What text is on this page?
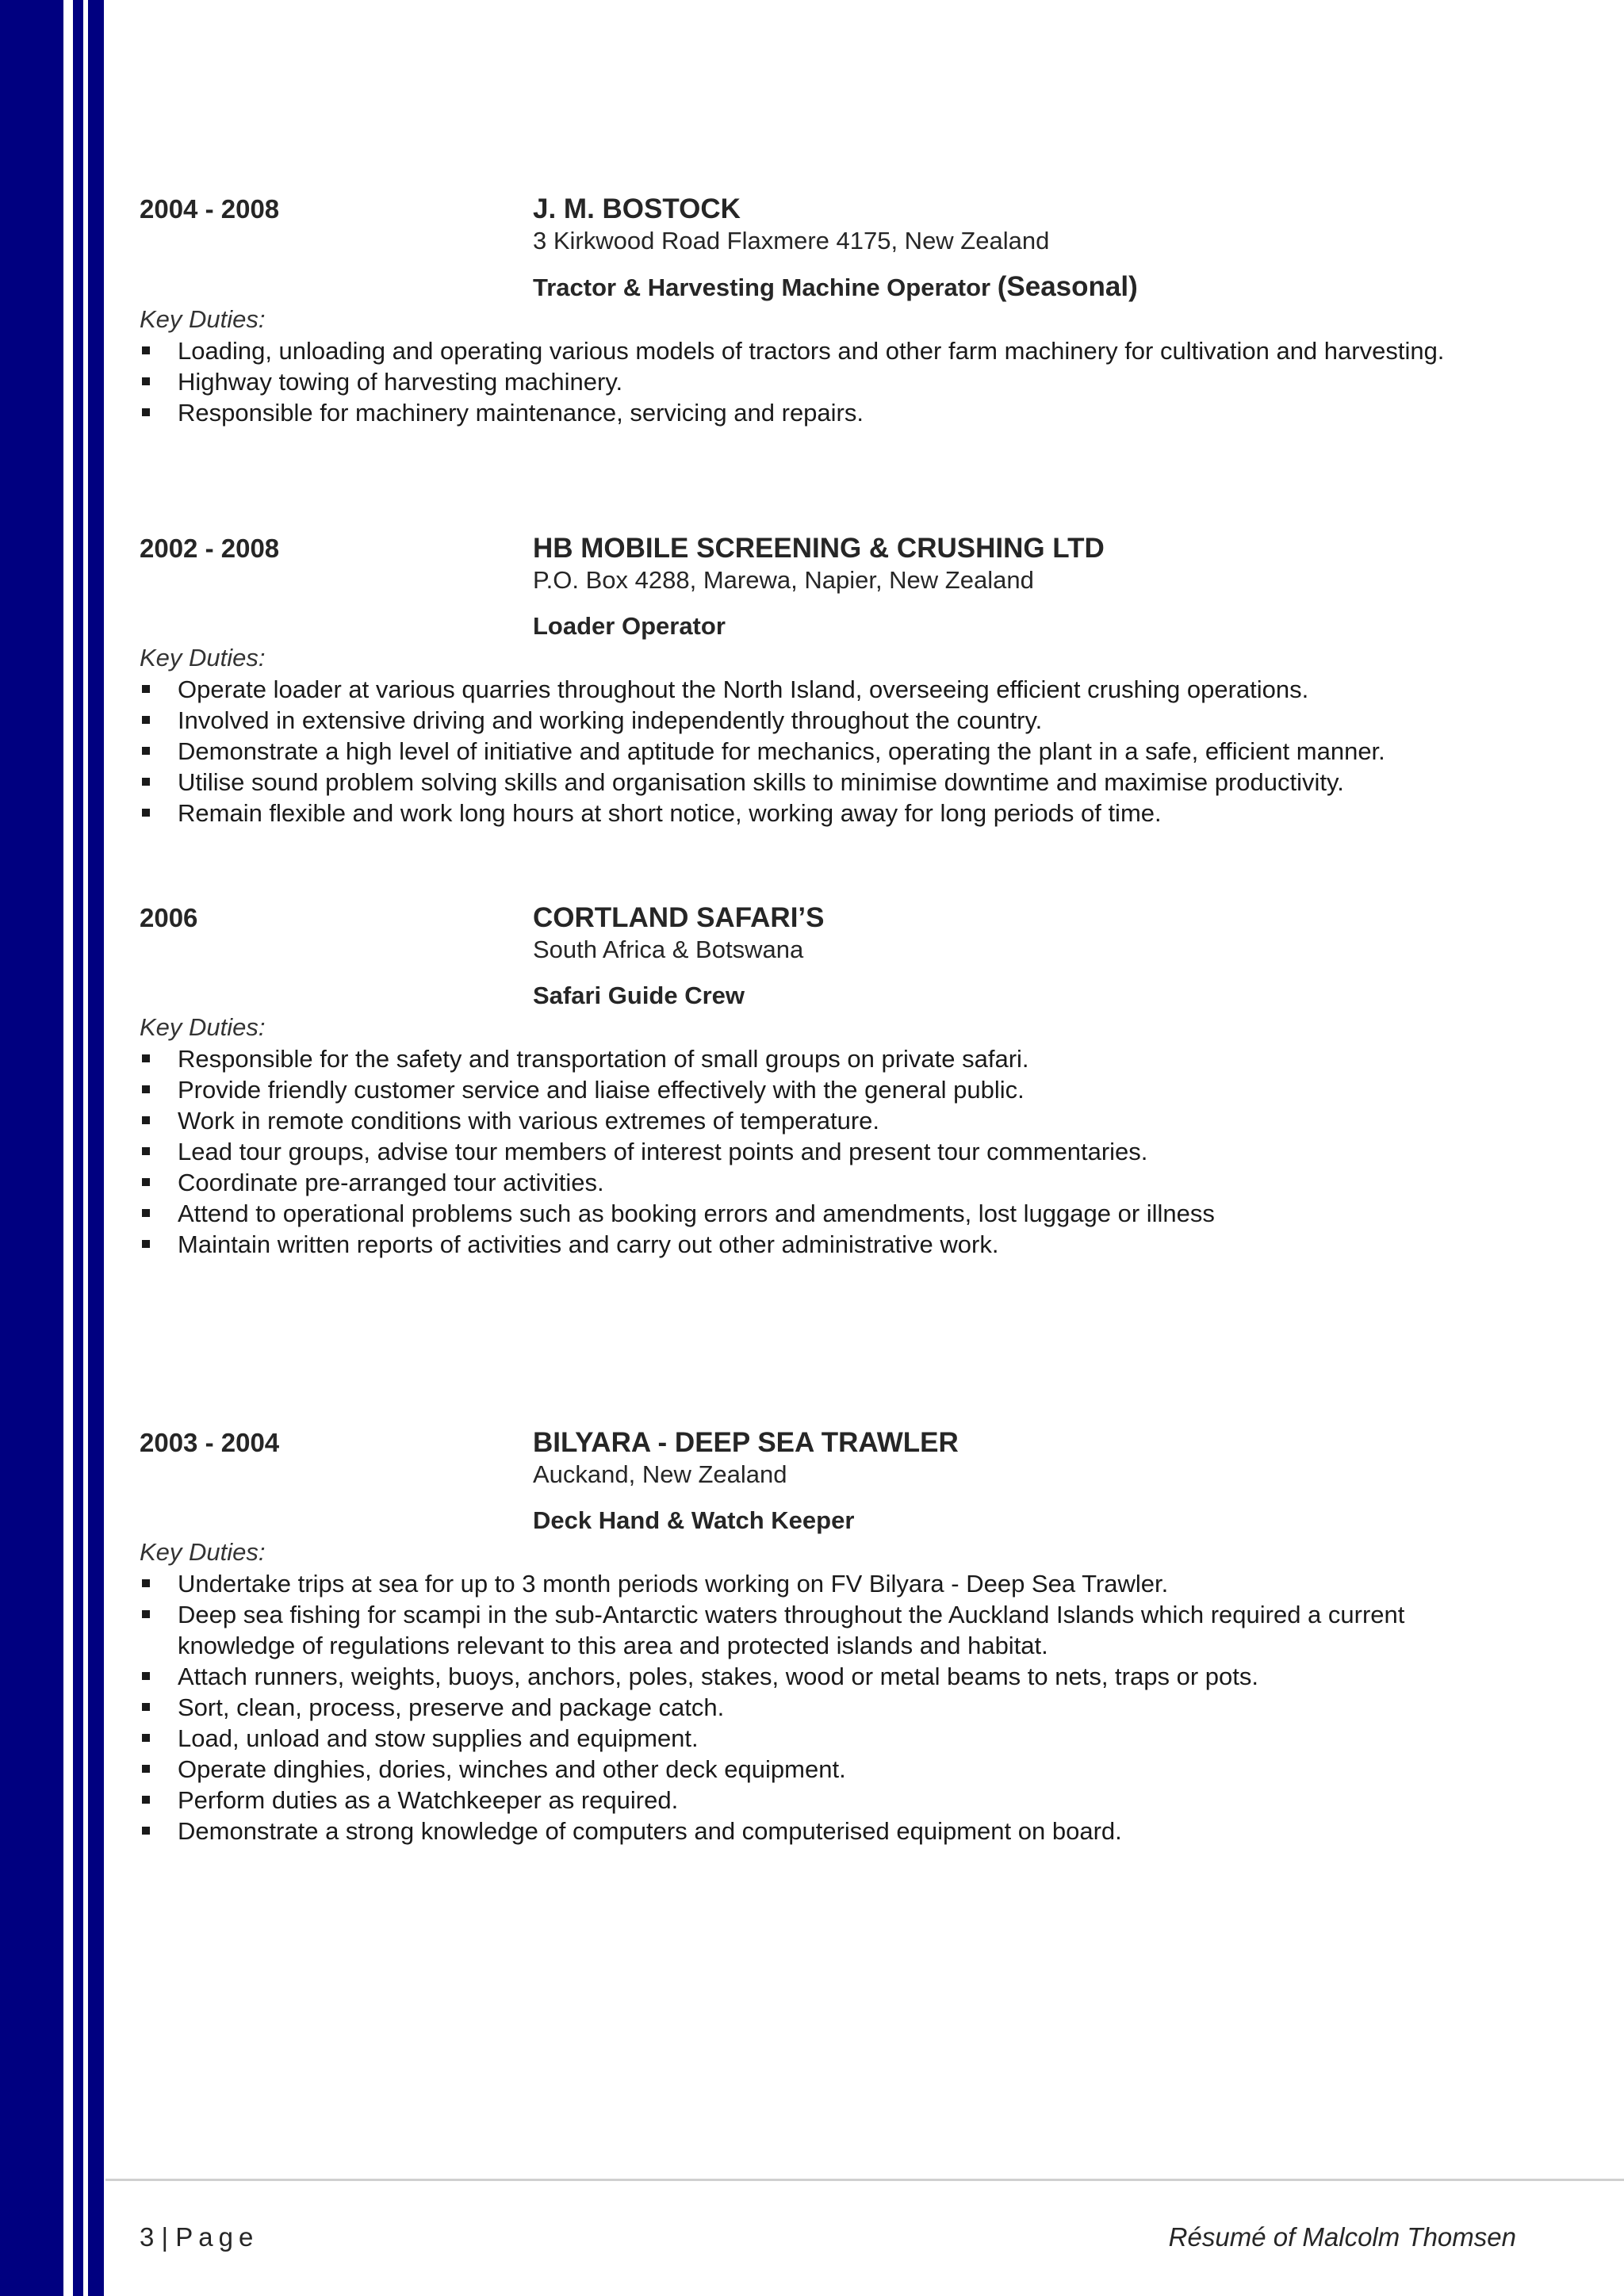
2004 - 2008	J. M. BOSTOCK
3 Kirkwood Road Flaxmere 4175, New Zealand
Tractor & Harvesting Machine Operator (Seasonal)
Key Duties:
Loading, unloading and operating various models of tractors and other farm machinery for cultivation and harvesting.
Highway towing of harvesting machinery.
Responsible for machinery maintenance, servicing and repairs.
2002 - 2008	HB MOBILE SCREENING & CRUSHING LTD
P.O. Box 4288, Marewa, Napier, New Zealand
Loader Operator
Key Duties:
Operate loader at various quarries throughout the North Island, overseeing efficient crushing operations.
Involved in extensive driving and working independently throughout the country.
Demonstrate a high level of initiative and aptitude for mechanics, operating the plant in a safe, efficient manner.
Utilise sound problem solving skills and organisation skills to minimise downtime and maximise productivity.
Remain flexible and work long hours at short notice, working away for long periods of time.
2006	CORTLAND SAFARI’S
South Africa & Botswana
Safari Guide Crew
Key Duties:
Responsible for the safety and transportation of small groups on private safari.
Provide friendly customer service and liaise effectively with the general public.
Work in remote conditions with various extremes of temperature.
Lead tour groups, advise tour members of interest points and present tour commentaries.
Coordinate pre-arranged tour activities.
Attend to operational problems such as booking errors and amendments, lost luggage or illness
Maintain written reports of activities and carry out other administrative work.
2003 - 2004	BILYARA - DEEP SEA TRAWLER
Auckand, New Zealand
Deck Hand & Watch Keeper
Key Duties:
Undertake trips at sea for up to 3 month periods working on FV Bilyara - Deep Sea Trawler.
Deep sea fishing for scampi in the sub-Antarctic waters throughout the Auckland Islands which required a current knowledge of regulations relevant to this area and protected islands and habitat.
Attach runners, weights, buoys, anchors, poles, stakes, wood or metal beams to nets, traps or pots.
Sort, clean, process, preserve and package catch.
Load, unload and stow supplies and equipment.
Operate dinghies, dories, winches and other deck equipment.
Perform duties as a Watchkeeper as required.
Demonstrate a strong knowledge of computers and computerised equipment on board.
3 | Page	Résumé of Malcolm Thomsen
